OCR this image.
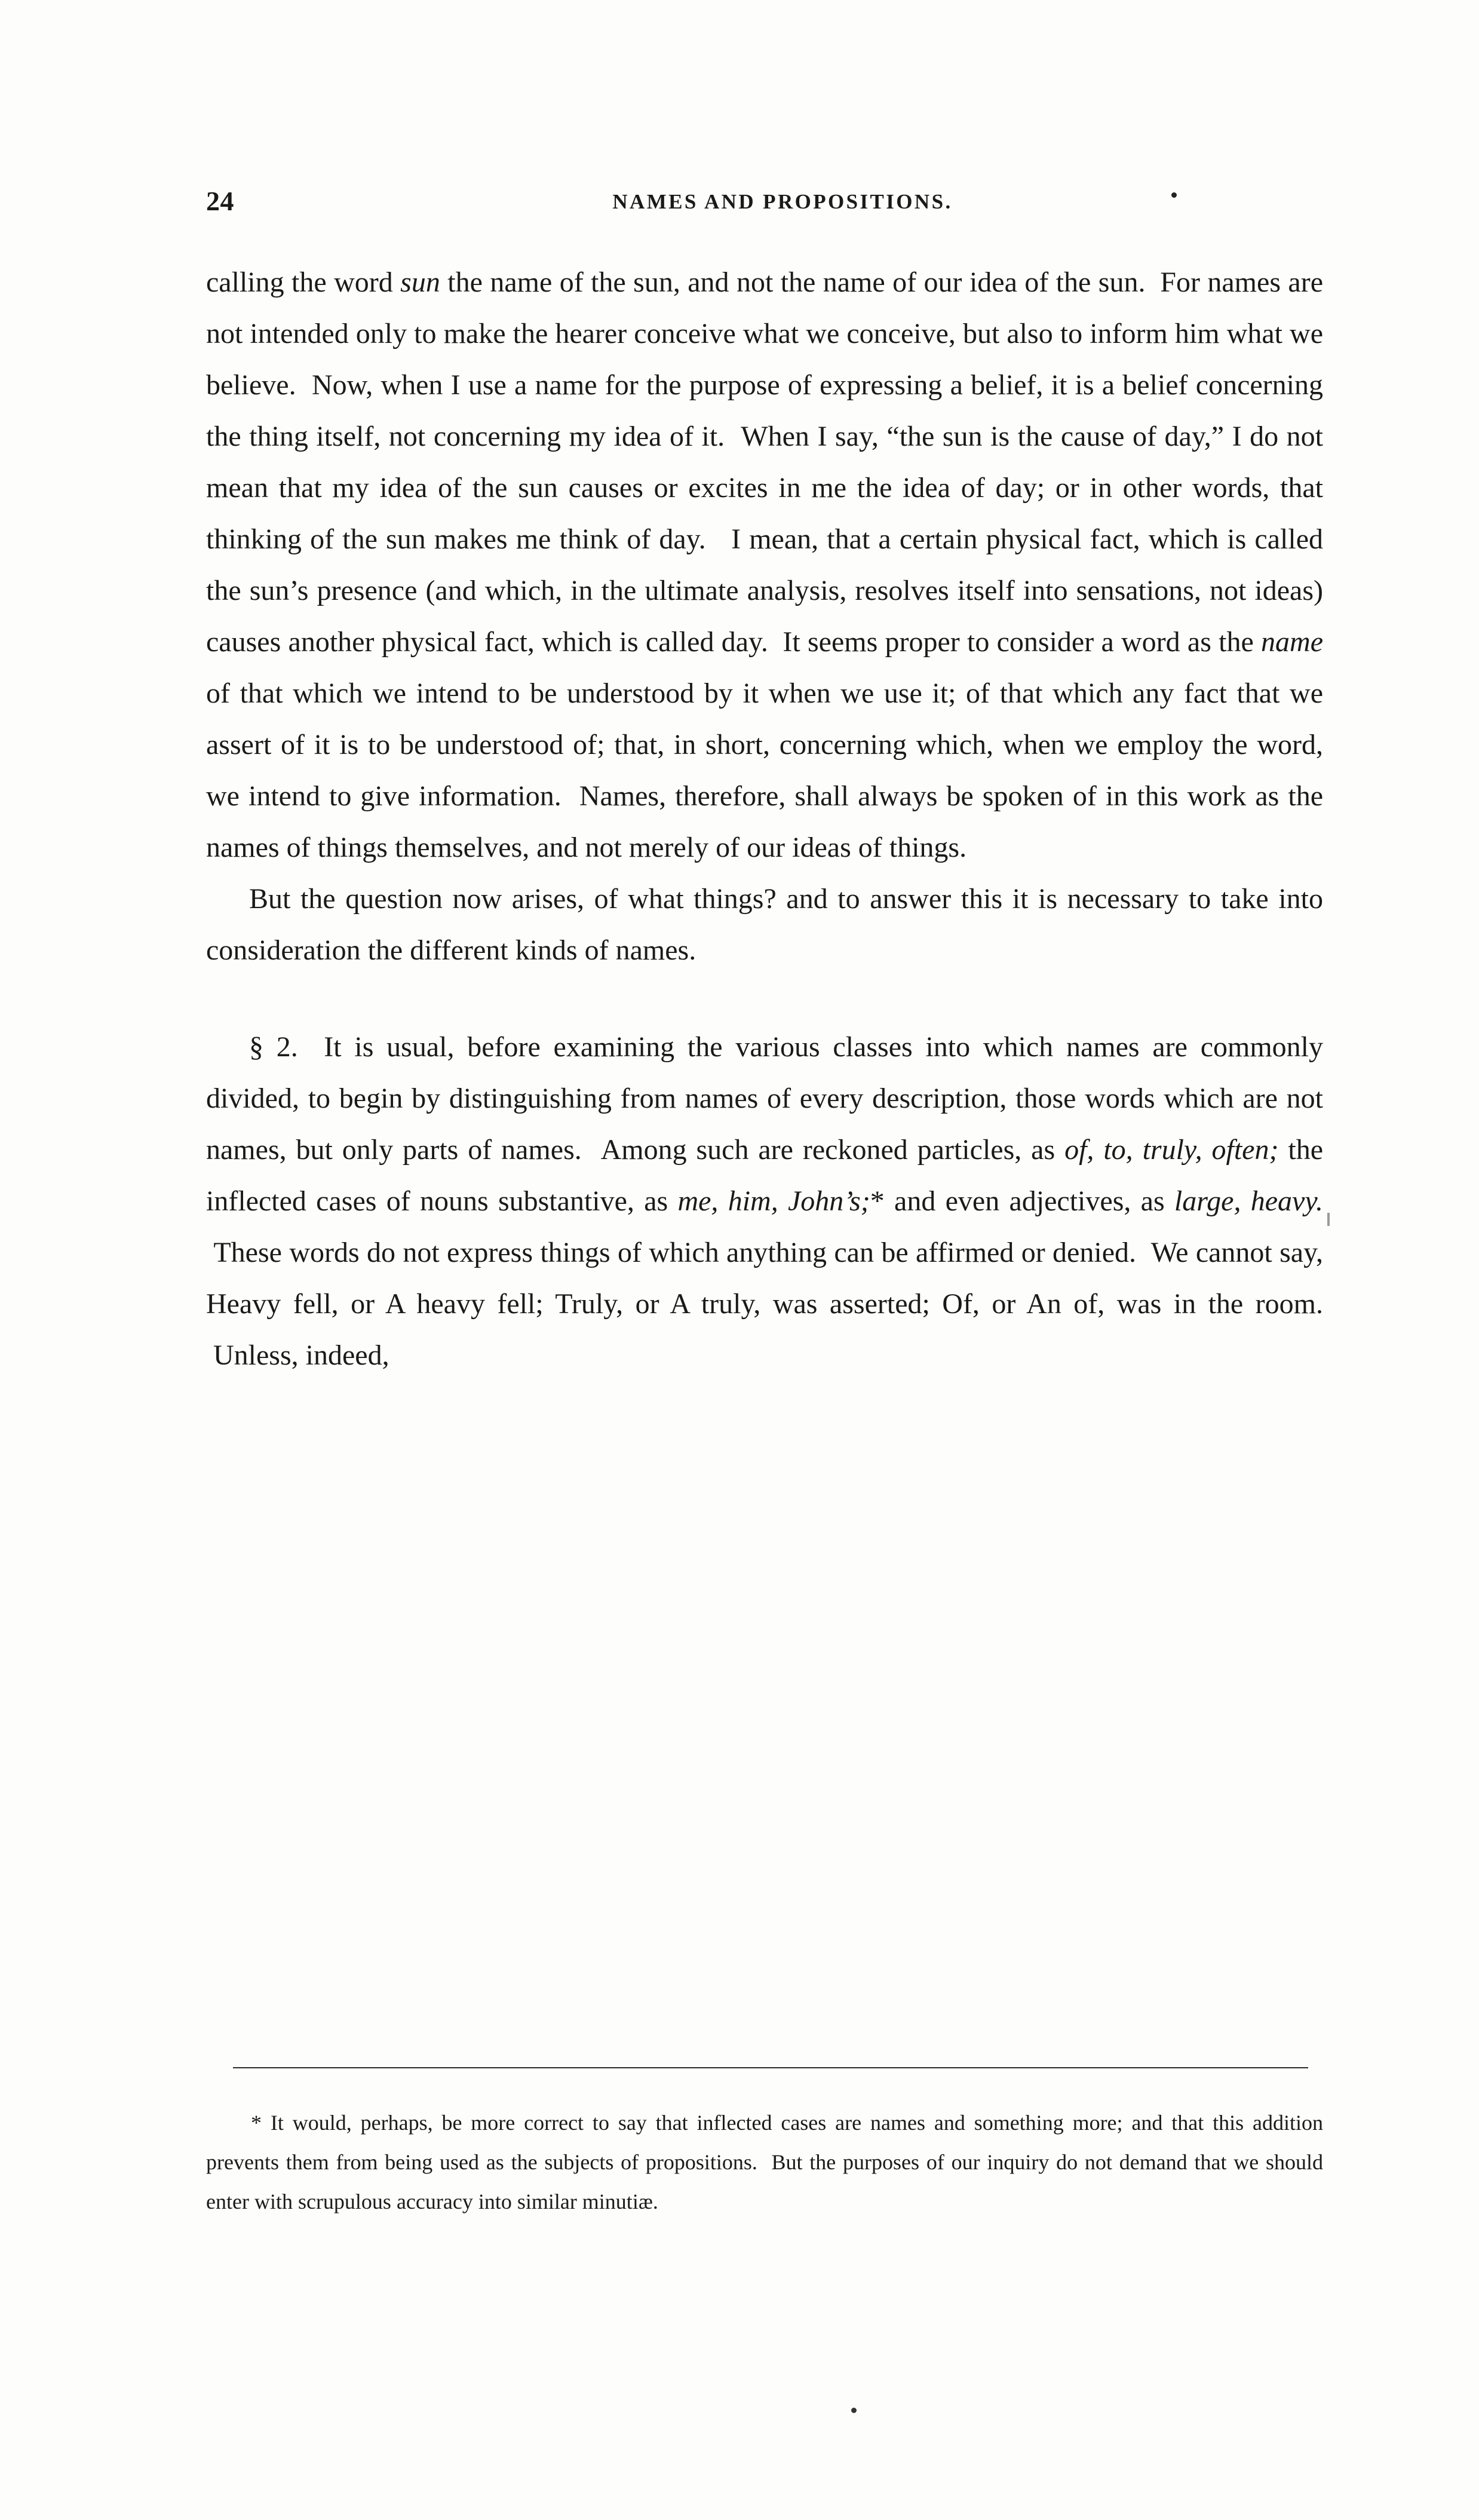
24	NAMES AND PROPOSITIONS.

calling the word sun the name of the sun, and not the name of our idea of the sun.  For names are not intended only to make the hearer conceive what we conceive, but also to inform him what we believe.  Now, when I use a name for the purpose of expressing a belief, it is a belief concerning the thing itself, not concerning my idea of it.  When I say, “the sun is the cause of day,” I do not mean that my idea of the sun causes or excites in me the idea of day; or in other words, that thinking of the sun makes me think of day.   I mean, that a certain physical fact, which is called the sun’s presence (and which, in the ultimate analysis, resolves itself into sensations, not ideas) causes another physical fact, which is called day.  It seems proper to consider a word as the name of that which we intend to be understood by it when we use it; of that which any fact that we assert of it is to be understood of; that, in short, concerning which, when we employ the word, we intend to give information.  Names, therefore, shall always be spoken of in this work as the names of things themselves, and not merely of our ideas of things.

But the question now arises, of what things? and to answer this it is necessary to take into consideration the different kinds of names.

§ 2.  It is usual, before examining the various classes into which names are commonly divided, to begin by distinguishing from names of every description, those words which are not names, but only parts of names.  Among such are reckoned particles, as of, to, truly, often; the inflected cases of nouns substantive, as me, him, John’s;* and even adjectives, as large, heavy.  These words do not express things of which anything can be affirmed or denied.  We cannot say, Heavy fell, or A heavy fell; Truly, or A truly, was asserted; Of, or An of, was in the room.  Unless, indeed,

* It would, perhaps, be more correct to say that inflected cases are names and something more; and that this addition prevents them from being used as the subjects of propositions.  But the purposes of our inquiry do not demand that we should enter with scrupulous accuracy into similar minutiæ.
